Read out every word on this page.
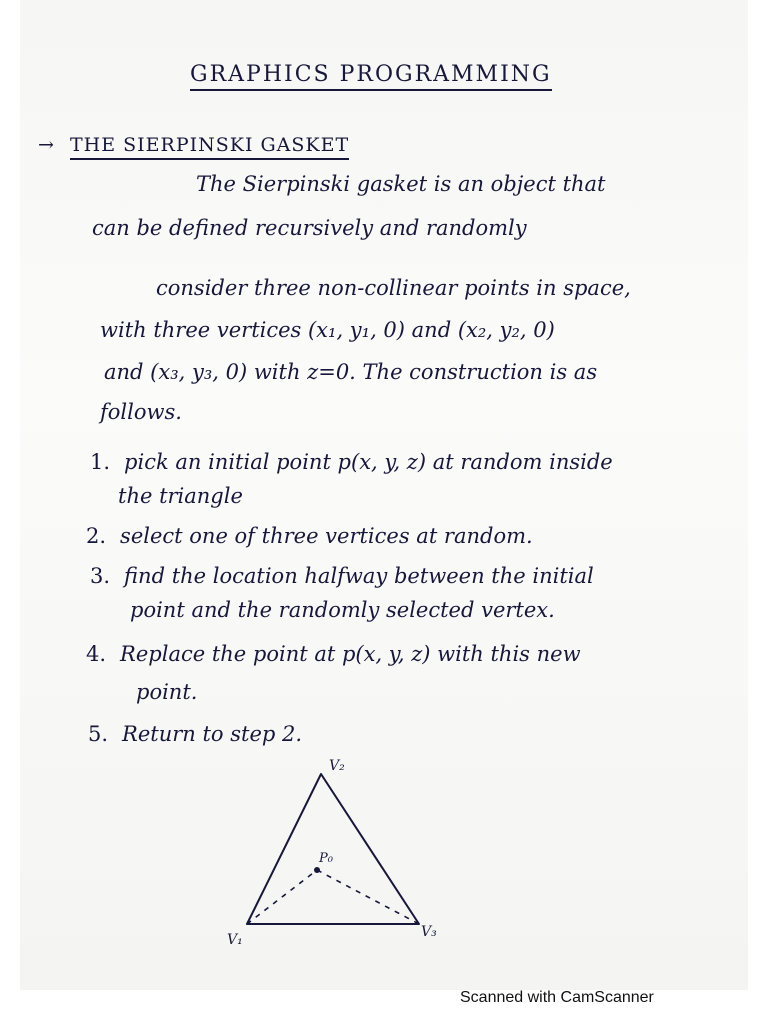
GRAPHICS PROGRAMMING
→ THE SIERPINSKI GASKET
The Sierpinski gasket is an object that
can be defined recursively and randomly
consider three non-collinear points in space,
with three vertices (x₁, y₁, 0) and (x₂, y₂, 0)
and (x₃, y₃, 0) with z=0. The construction is as
follows.
1. pick an initial point p(x, y, z) at random inside
the triangle
2. select one of three vertices at random.
3. find the location halfway between the initial
point and the randomly selected vertex.
4. Replace the point at p(x, y, z) with this new
point.
5. Return to step 2.
V₂
V₁	V₃
P₀
Scanned with CamScanner
